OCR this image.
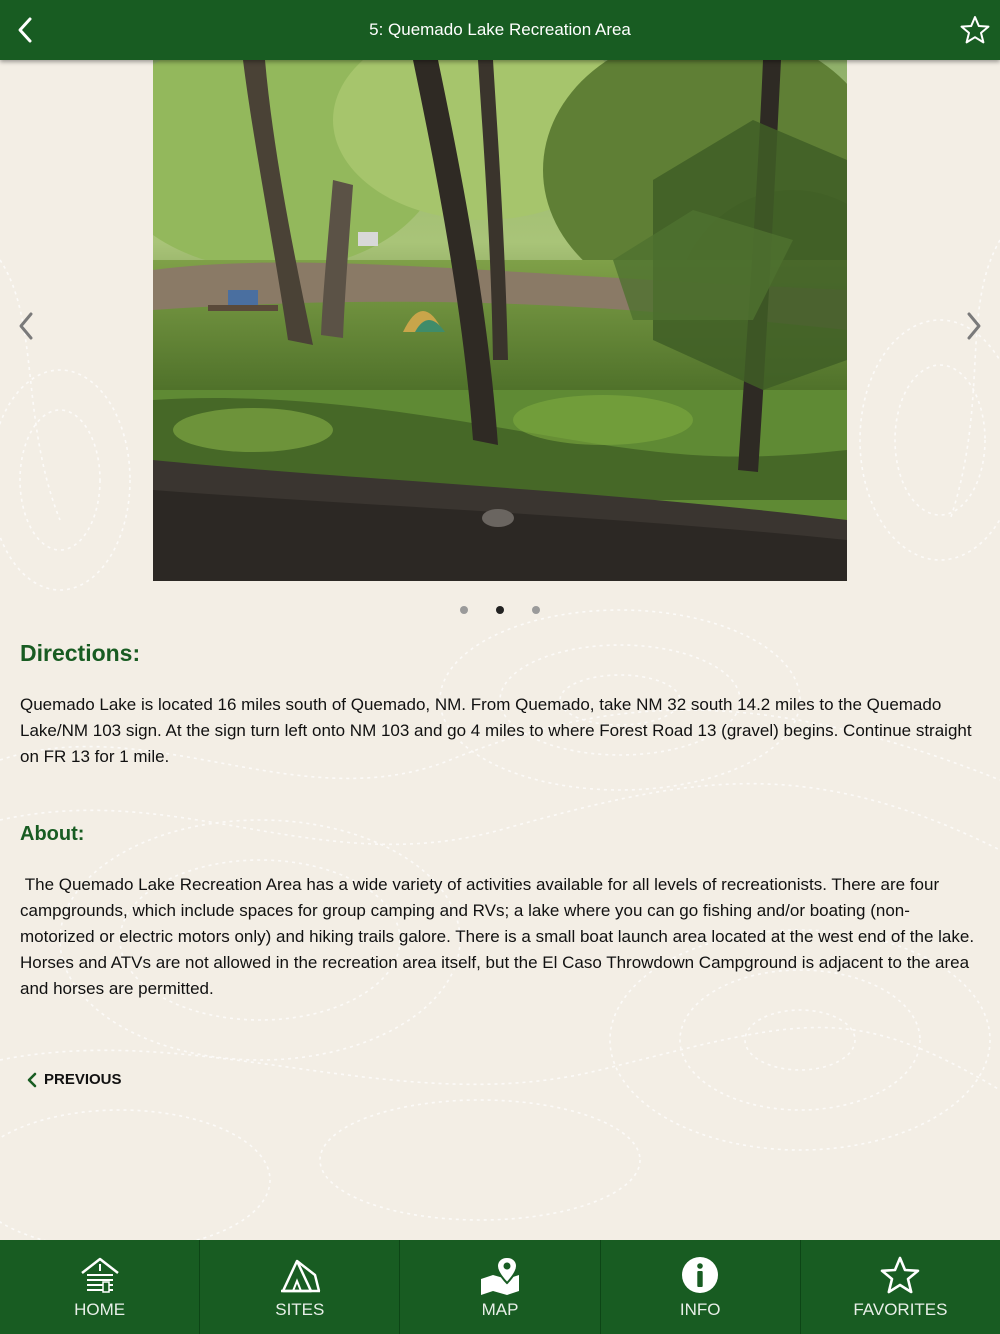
5: Quemado Lake Recreation Area
Directions:
Quemado Lake is located 16 miles south of Quemado, NM. From Quemado, take NM 32 south 14.2 miles to the Quemado Lake/NM 103 sign. At the sign turn left onto NM 103 and go 4 miles to where Forest Road 13 (gravel) begins. Continue straight on FR 13 for 1 mile.
About:
The Quemado Lake Recreation Area has a wide variety of activities available for all levels of recreationists. There are four campgrounds, which include spaces for group camping and RVs; a lake where you can go fishing and/or boating (non-motorized or electric motors only) and hiking trails galore. There is a small boat launch area located at the west end of the lake. Horses and ATVs are not allowed in the recreation area itself, but the El Caso Throwdown Campground is adjacent to the area and horses are permitted.
PREVIOUS
HOME	SITES	MAP	INFO	FAVORITES
